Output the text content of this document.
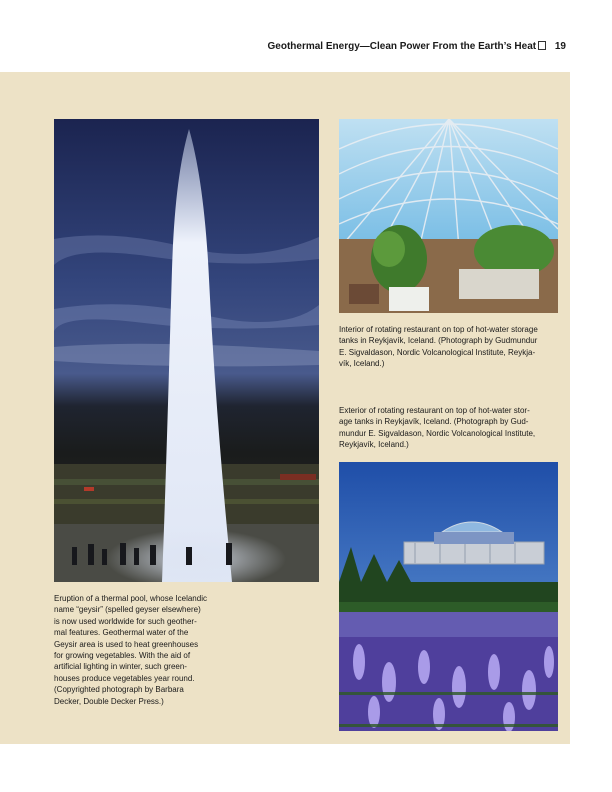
Geothermal Energy—Clean Power From the Earth’s Heat 19
Interior of rotating restaurant on top of hot-water storage
tanks in Reykjavík, Iceland. (Photograph by Gudmundur
E. Sigvaldason, Nordic Volcanological Institute, Reykja-
vík, Iceland.)
Exterior of rotating restaurant on top of hot-water stor-
age tanks in Reykjavík, Iceland. (Photograph by Gud-
mundur E. Sigvaldason, Nordic Volcanological Institute,
Reykjavík, Iceland.)
Eruption of a thermal pool, whose Icelandic
name “geysir” (spelled geyser elsewhere)
is now used worldwide for such geother-
mal features. Geothermal water of the
Geysir area is used to heat greenhouses
for growing vegetables. With the aid of
artificial lighting in winter, such green-
houses produce vegetables year round.
(Copyrighted photograph by Barbara
Decker, Double Decker Press.)
